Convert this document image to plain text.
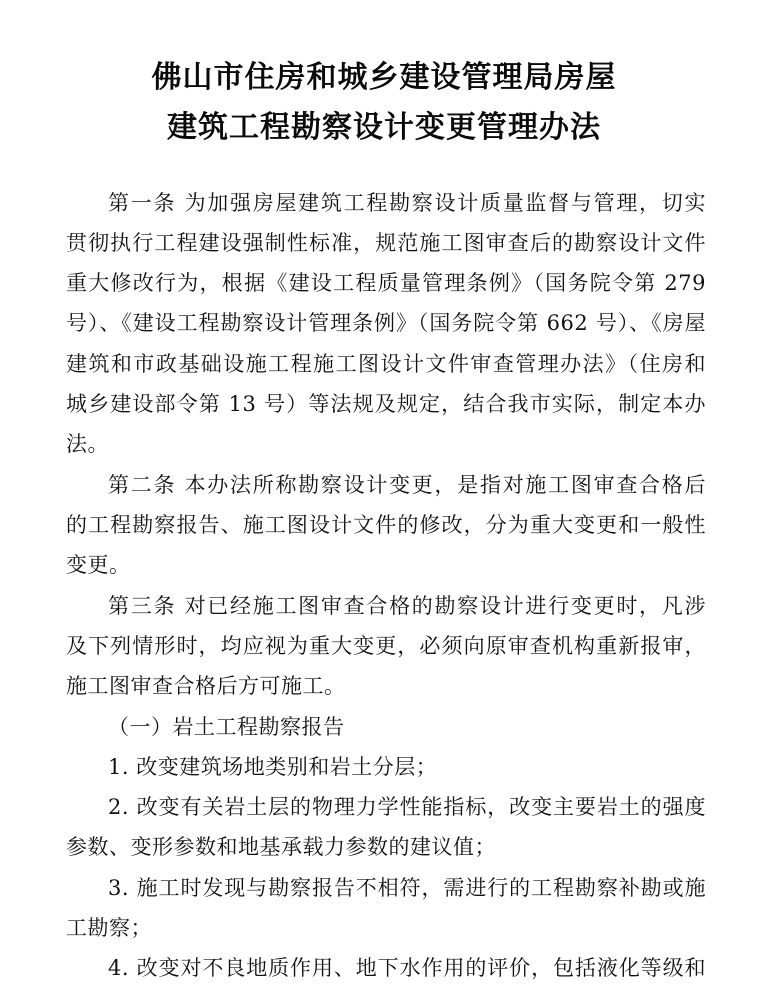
佛山市住房和城乡建设管理局房屋
建筑工程勘察设计变更管理办法
第一条 为加强房屋建筑工程勘察设计质量监督与管理，切实
贯彻执行工程建设强制性标准，规范施工图审查后的勘察设计文件
重大修改行为，根据《建设工程质量管理条例》（国务院令第 279
号）、《建设工程勘察设计管理条例》（国务院令第 662 号）、《房屋
建筑和市政基础设施工程施工图设计文件审查管理办法》（住房和
城乡建设部令第 13 号）等法规及规定，结合我市实际，制定本办
法。
第二条 本办法所称勘察设计变更，是指对施工图审查合格后
的工程勘察报告、施工图设计文件的修改，分为重大变更和一般性
变更。
第三条 对已经施工图审查合格的勘察设计进行变更时，凡涉
及下列情形时，均应视为重大变更，必须向原审查机构重新报审，
施工图审查合格后方可施工。
（一）岩土工程勘察报告
1. 改变建筑场地类别和岩土分层；
2. 改变有关岩土层的物理力学性能指标，改变主要岩土的强度
参数、变形参数和地基承载力参数的建议值；
3. 施工时发现与勘察报告不相符，需进行的工程勘察补勘或施
工勘察；
4. 改变对不良地质作用、地下水作用的评价，包括液化等级和
